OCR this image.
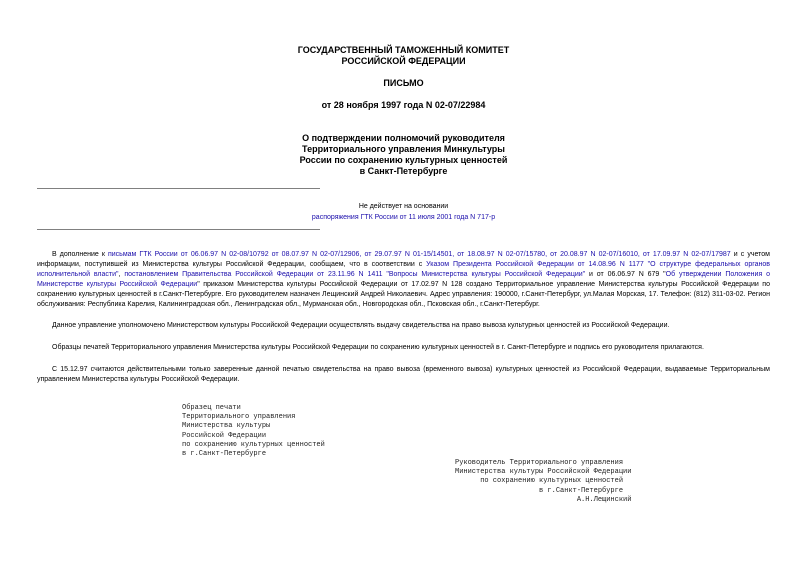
ГОСУДАРСТВЕННЫЙ ТАМОЖЕННЫЙ КОМИТЕТ
РОССИЙСКОЙ ФЕДЕРАЦИИ
ПИСЬМО
от 28 ноября 1997 года N 02-07/22984
О подтверждении полномочий руководителя
Территориального управления Минкультуры
России по сохранению культурных ценностей
в Санкт-Петербурге
Не действует на основании
распоряжения ГТК России от 11 июля 2001 года N 717-р
В дополнение к письмам ГТК России от 06.06.97 N 02-08/10792 от 08.07.97 N 02-07/12906, от 29.07.97 N 01-15/14501, от 18.08.97 N 02-07/15780, от 20.08.97 N 02-07/16010, от 17.09.97 N 02-07/17987 и с учетом информации, поступившей из Министерства культуры Российской Федерации, сообщаем, что в соответствии с Указом Президента Российской Федерации от 14.08.96 N 1177 "О структуре федеральных органов исполнительной власти", постановлением Правительства Российской Федерации от 23.11.96 N 1411 "Вопросы Министерства культуры Российской Федерации" и от 06.06.97 N 679 "Об утверждении Положения о Министерстве культуры Российской Федерации" приказом Министерства культуры Российской Федерации от 17.02.97 N 128 создано Территориальное управление Министерства культуры Российской Федерации по сохранению культурных ценностей в г.Санкт-Петербурге. Его руководителем назначен Лещинский Андрей Николаевич. Адрес управления: 190000, г.Санкт-Петербург, ул.Малая Морская, 17. Телефон: (812) 311-03-02. Регион обслуживания: Республика Карелия, Калининградская обл., Ленинградская обл., Мурманская обл., Новгородская обл., Псковская обл., г.Санкт-Петербург.
Данное управление уполномочено Министерством культуры Российской Федерации осуществлять выдачу свидетельства на право вывоза культурных ценностей из Российской Федерации.
Образцы печатей Территориального управления Министерства культуры Российской Федерации по сохранению культурных ценностей в г. Санкт-Петербурге и подпись его руководителя прилагаются.
С 15.12.97 считаются действительными только заверенные данной печатью свидетельства на право вывоза (временного вывоза) культурных ценностей из Российской Федерации, выдаваемые Территориальным управлением Министерства культуры Российской Федерации.
Образец печати
Территориального управления
Министерства культуры
Российской Федерации
по сохранению культурных ценностей
в г.Санкт-Петербурге
Руководитель Территориального управления
Министерства культуры Российской Федерации
по сохранению культурных ценностей
в г.Санкт-Петербурге
А.Н.Лещинский
